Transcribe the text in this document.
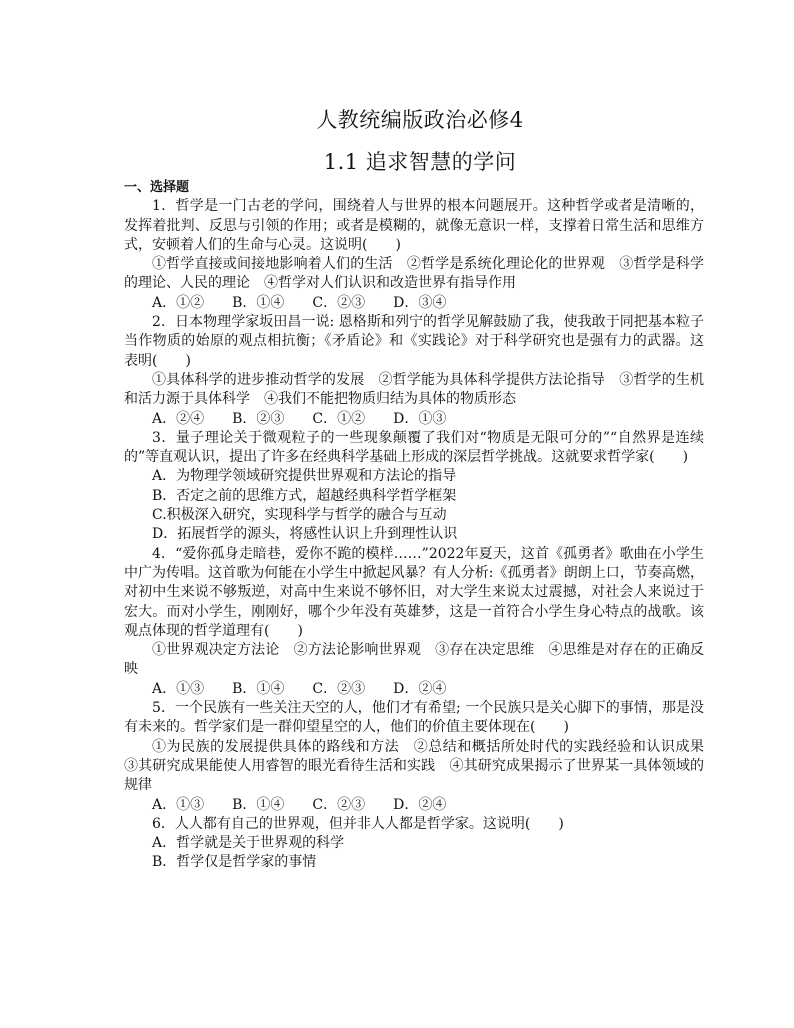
人教统编版政治必修4
1.1 追求智慧的学问
一、选择题

1．哲学是一门古老的学问，围绕着人与世界的根本问题展开。这种哲学或者是清晰的，发挥着批判、反思与引领的作用；或者是模糊的，就像无意识一样，支撑着日常生活和思维方式，安顿着人们的生命与心灵。这说明(　　)

①哲学直接或间接地影响着人们的生活　②哲学是系统化理论化的世界观　③哲学是科学的理论、人民的理论　④哲学对人们认识和改造世界有指导作用

A．①②　　B．①④　　C．②③　　D．③④

2．日本物理学家坂田昌一说: 恩格斯和列宁的哲学见解鼓励了我，使我敢于同把基本粒子当作物质的始原的观点相抗衡；《矛盾论》和《实践论》对于科学研究也是强有力的武器。这表明(　　)

①具体科学的进步推动哲学的发展　②哲学能为具体科学提供方法论指导　③哲学的生机和活力源于具体科学　④我们不能把物质归结为具体的物质形态

A．②④　　B．②③　　C．①②　　D．①③

3．量子理论关于微观粒子的一些现象颠覆了我们对“物质是无限可分的”“自然界是连续的”等直观认识，提出了许多在经典科学基础上形成的深层哲学挑战。这就要求哲学家(　　)

A．为物理学领域研究提供世界观和方法论的指导

B．否定之前的思维方式，超越经典科学哲学框架

C.积极深入研究，实现科学与哲学的融合与互动

D．拓展哲学的源头，将感性认识上升到理性认识

4．“爱你孤身走暗巷，爱你不跪的模样……”2022年夏天，这首《孤勇者》歌曲在小学生中广为传唱。这首歌为何能在小学生中掀起风暴？有人分析:《孤勇者》朗朗上口，节奏高燃，对初中生来说不够叛逆，对高中生来说不够怀旧，对大学生来说太过震撼，对社会人来说过于宏大。而对小学生，刚刚好，哪个少年没有英雄梦，这是一首符合小学生身心特点的战歌。该观点体现的哲学道理有(　　)

①世界观决定方法论　②方法论影响世界观　③存在决定思维　④思维是对存在的正确反映

A．①③　　B．①④　　C．②③　　D．②④

5．一个民族有一些关注天空的人，他们才有希望; 一个民族只是关心脚下的事情，那是没有未来的。哲学家们是一群仰望星空的人，他们的价值主要体现在(　　)

①为民族的发展提供具体的路线和方法　②总结和概括所处时代的实践经验和认识成果　③其研究成果能使人用睿智的眼光看待生活和实践　④其研究成果揭示了世界某一具体领域的规律

A．①③　　B．①④　　C．②③　　D．②④

6．人人都有自己的世界观，但并非人人都是哲学家。这说明(　　)

A．哲学就是关于世界观的科学

B．哲学仅是哲学家的事情
